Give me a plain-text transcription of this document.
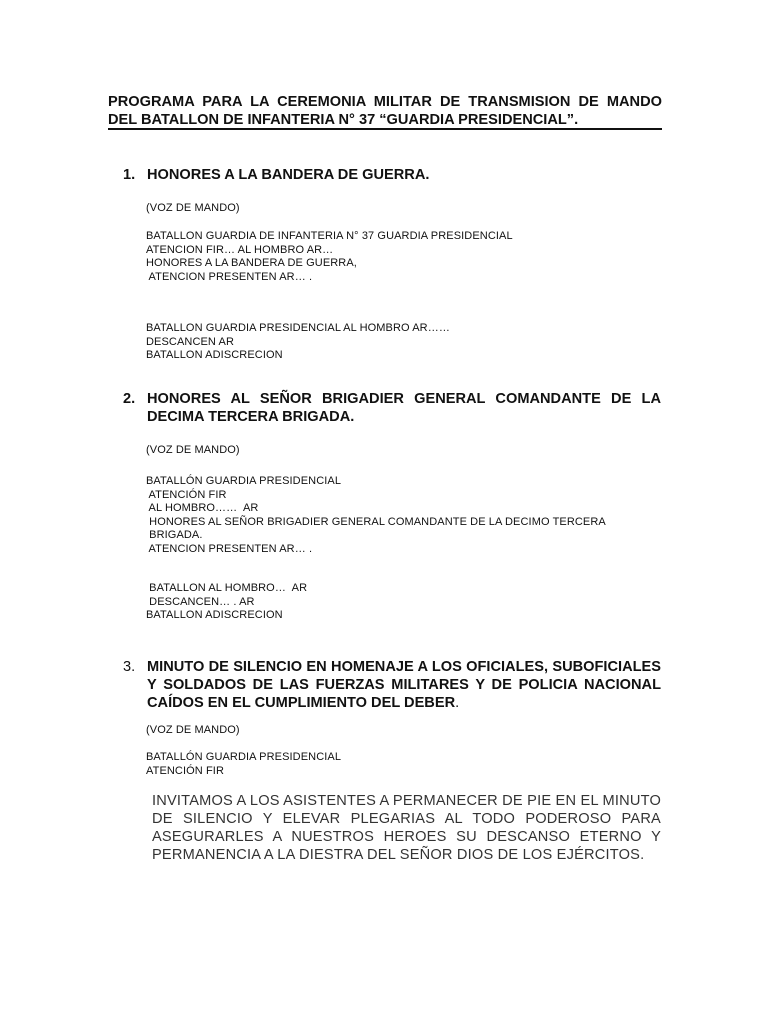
PROGRAMA PARA LA CEREMONIA MILITAR DE TRANSMISION DE MANDO DEL BATALLON DE INFANTERIA N° 37 “GUARDIA PRESIDENCIAL”.
1. HONORES A LA BANDERA DE GUERRA.
(VOZ DE MANDO)
BATALLON GUARDIA DE INFANTERIA N° 37 GUARDIA PRESIDENCIAL
ATENCION FIR… AL HOMBRO AR…
HONORES A LA BANDERA DE GUERRA,
ATENCION PRESENTEN AR… .
BATALLON GUARDIA PRESIDENCIAL AL HOMBRO AR……
DESCANCEN AR
BATALLON ADISCRECION
2. HONORES AL SEÑOR BRIGADIER GENERAL COMANDANTE DE LA DECIMA TERCERA BRIGADA.
(VOZ DE MANDO)
BATALLÓN GUARDIA PRESIDENCIAL
ATENCIÓN FIR
AL HOMBRO……  AR
HONORES AL SEÑOR BRIGADIER GENERAL COMANDANTE DE LA DECIMO TERCERA
BRIGADA.
ATENCION PRESENTEN AR… .
BATALLON AL HOMBRO…  AR
DESCANCEN… . AR
BATALLON ADISCRECION
3. MINUTO DE SILENCIO EN HOMENAJE A LOS OFICIALES, SUBOFICIALES Y SOLDADOS DE LAS FUERZAS MILITARES Y DE POLICIA NACIONAL CAÍDOS EN EL CUMPLIMIENTO DEL DEBER.
(VOZ DE MANDO)
BATALLÓN GUARDIA PRESIDENCIAL
ATENCIÓN FIR
INVITAMOS A LOS ASISTENTES A PERMANECER DE PIE EN EL MINUTO DE SILENCIO Y ELEVAR PLEGARIAS AL TODO PODEROSO PARA ASEGURARLES A NUESTROS HEROES SU DESCANSO ETERNO Y PERMANENCIA A LA DIESTRA DEL SEÑOR DIOS DE LOS EJÉRCITOS.
